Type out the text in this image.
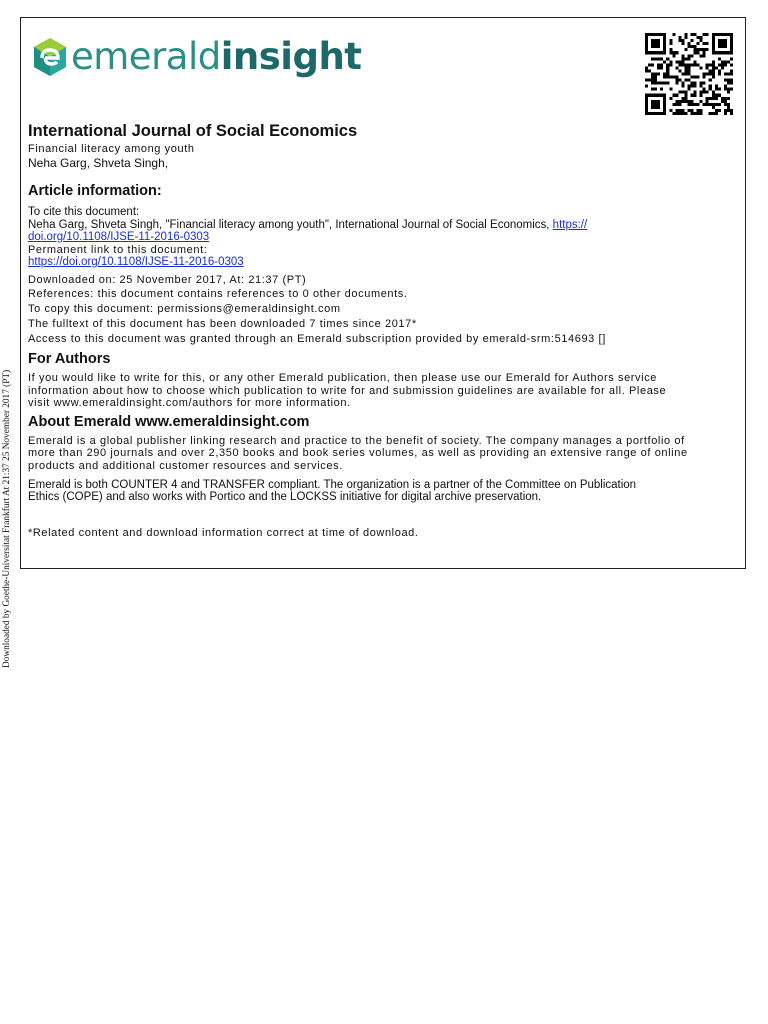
emeraldinsight
International Journal of Social Economics
Financial literacy among youth
Neha Garg, Shveta Singh,
Article information:
To cite this document:
Neha Garg, Shveta Singh, "Financial literacy among youth", International Journal of Social Economics, https://
doi.org/10.1108/IJSE-11-2016-0303
Permanent link to this document:
https://doi.org/10.1108/IJSE-11-2016-0303
Downloaded on: 25 November 2017, At: 21:37 (PT)
References: this document contains references to 0 other documents.
To copy this document: permissions@emeraldinsight.com
The fulltext of this document has been downloaded 7 times since 2017*
Access to this document was granted through an Emerald subscription provided by emerald-srm:514693 []
For Authors
If you would like to write for this, or any other Emerald publication, then please use our Emerald for Authors service
information about how to choose which publication to write for and submission guidelines are available for all. Please
visit www.emeraldinsight.com/authors for more information.
About Emerald www.emeraldinsight.com
Emerald is a global publisher linking research and practice to the benefit of society. The company manages a portfolio of
more than 290 journals and over 2,350 books and book series volumes, as well as providing an extensive range of online
products and additional customer resources and services.
Emerald is both COUNTER 4 and TRANSFER compliant. The organization is a partner of the Committee on Publication
Ethics (COPE) and also works with Portico and the LOCKSS initiative for digital archive preservation.
*Related content and download information correct at time of download.
Downloaded by Goethe-Universitat Frankfurt At 21:37 25 November 2017 (PT)
